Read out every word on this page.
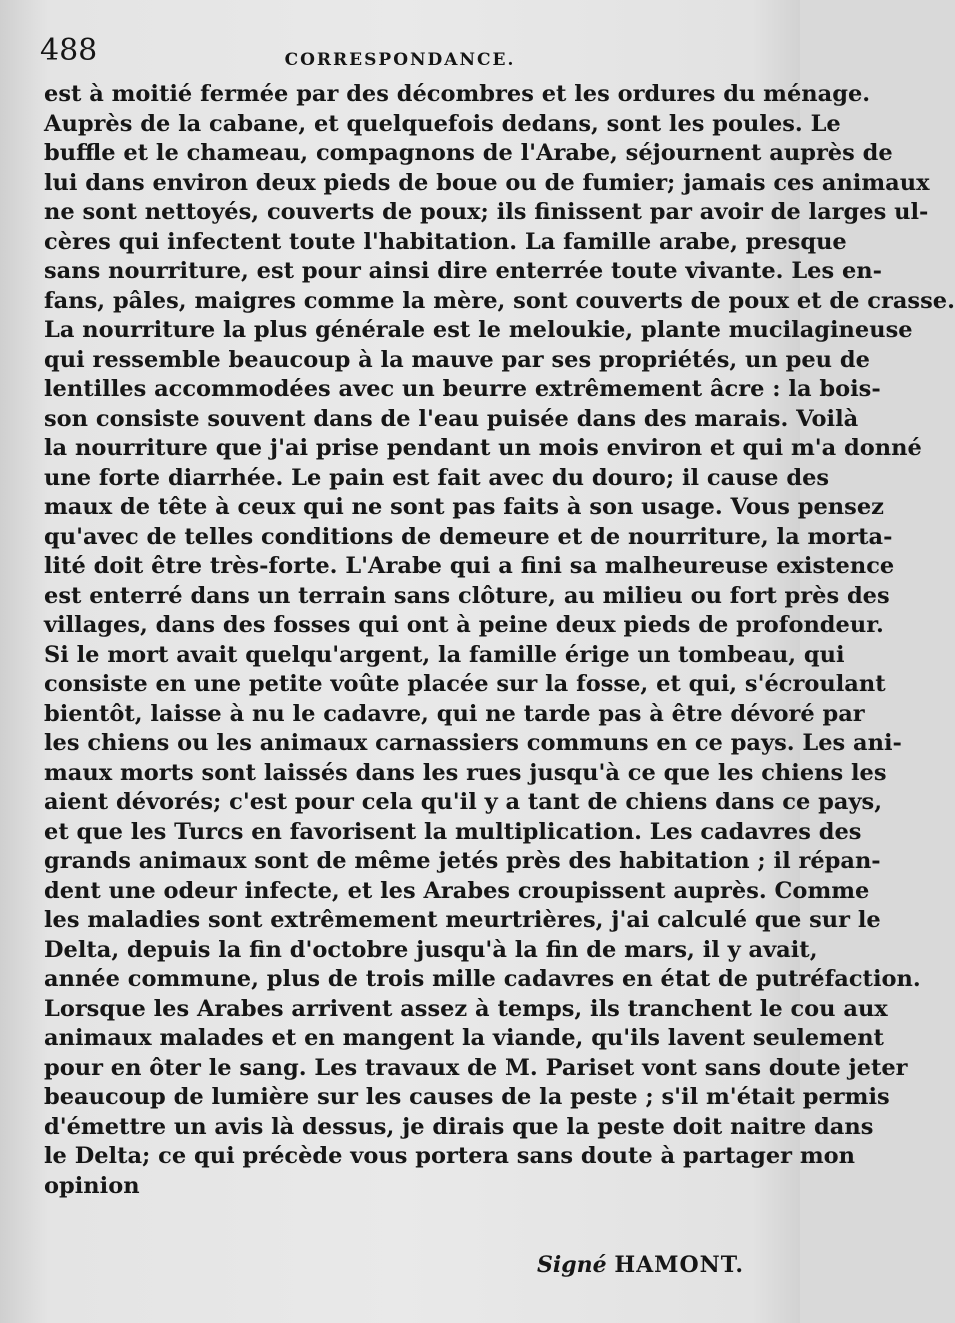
488	CORRESPONDANCE.
est à moitié fermée par des décombres et les ordures du ménage.
Auprès de la cabane, et quelquefois dedans, sont les poules. Le
buffle et le chameau, compagnons de l'Arabe, séjournent auprès de
lui dans environ deux pieds de boue ou de fumier; jamais ces animaux
ne sont nettoyés, couverts de poux; ils finissent par avoir de larges ul-
cères qui infectent toute l'habitation. La famille arabe, presque
sans nourriture, est pour ainsi dire enterrée toute vivante. Les en-
fans, pâles, maigres comme la mère, sont couverts de poux et de crasse.
La nourriture la plus générale est le meloukie, plante mucilagineuse
qui ressemble beaucoup à la mauve par ses propriétés, un peu de
lentilles accommodées avec un beurre extrêmement âcre : la bois-
son consiste souvent dans de l'eau puisée dans des marais. Voilà
la nourriture que j'ai prise pendant un mois environ et qui m'a donné
une forte diarrhée. Le pain est fait avec du douro; il cause des
maux de tête à ceux qui ne sont pas faits à son usage. Vous pensez
qu'avec de telles conditions de demeure et de nourriture, la morta-
lité doit être très-forte. L'Arabe qui a fini sa malheureuse existence
est enterré dans un terrain sans clôture, au milieu ou fort près des
villages, dans des fosses qui ont à peine deux pieds de profondeur.
Si le mort avait quelqu'argent, la famille érige un tombeau, qui
consiste en une petite voûte placée sur la fosse, et qui, s'écroulant
bientôt, laisse à nu le cadavre, qui ne tarde pas à être dévoré par
les chiens ou les animaux carnassiers communs en ce pays. Les ani-
maux morts sont laissés dans les rues jusqu'à ce que les chiens les
aient dévorés; c'est pour cela qu'il y a tant de chiens dans ce pays,
et que les Turcs en favorisent la multiplication. Les cadavres des
grands animaux sont de même jetés près des habitation ; il répan-
dent une odeur infecte, et les Arabes croupissent auprès. Comme
les maladies sont extrêmement meurtrières, j'ai calculé que sur le
Delta, depuis la fin d'octobre jusqu'à la fin de mars, il y avait,
année commune, plus de trois mille cadavres en état de putréfaction.
Lorsque les Arabes arrivent assez à temps, ils tranchent le cou aux
animaux malades et en mangent la viande, qu'ils lavent seulement
pour en ôter le sang. Les travaux de M. Pariset vont sans doute jeter
beaucoup de lumière sur les causes de la peste ; s'il m'était permis
d'émettre un avis là dessus, je dirais que la peste doit naitre dans
le Delta; ce qui précède vous portera sans doute à partager mon
opinion
Signé HAMONT.
